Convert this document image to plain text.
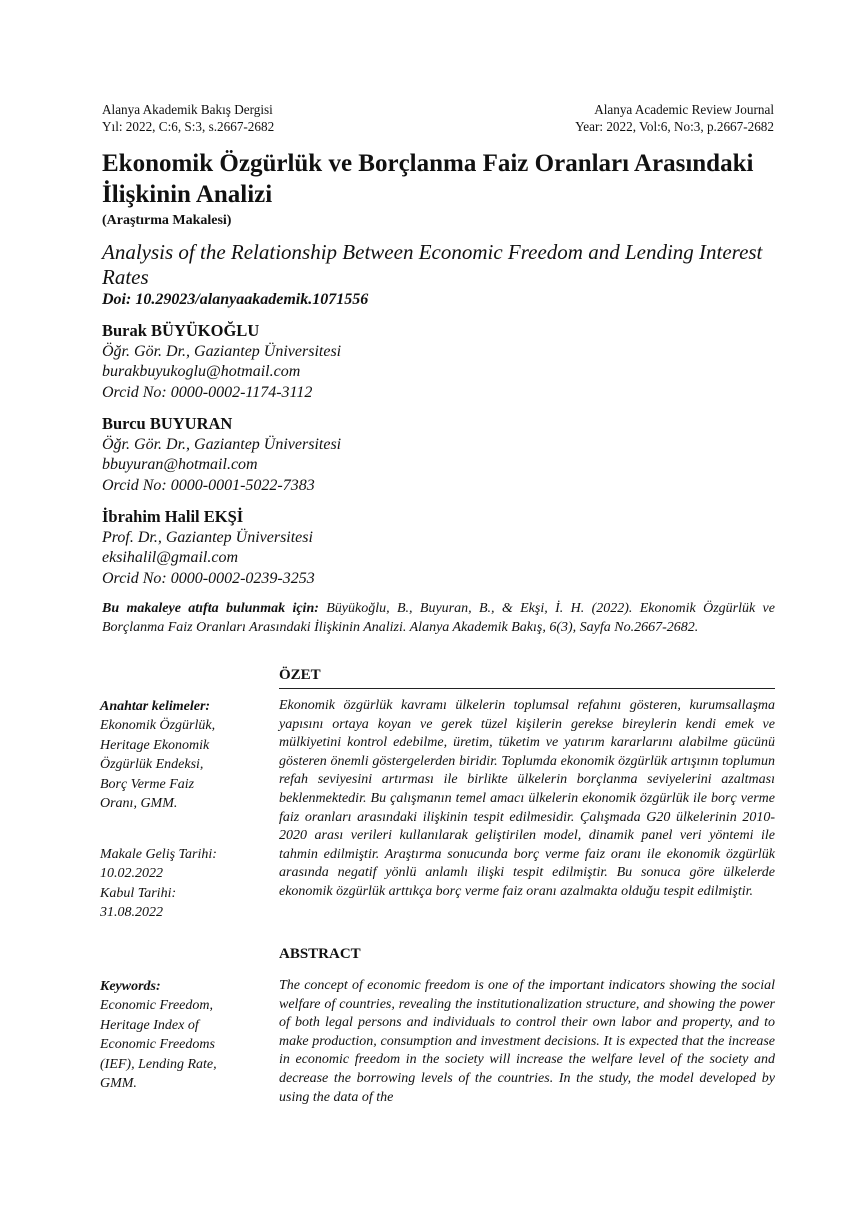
Alanya Akademik Bakış Dergisi
Yıl: 2022, C:6, S:3, s.2667-2682
Alanya Academic Review Journal
Year: 2022, Vol:6, No:3, p.2667-2682
Ekonomik Özgürlük ve Borçlanma Faiz Oranları Arasındaki İlişkinin Analizi
(Araştırma Makalesi)
Analysis of the Relationship Between Economic Freedom and Lending Interest Rates
Doi: 10.29023/alanyaakademik.1071556
Burak BÜYÜKOĞLU
Öğr. Gör. Dr., Gaziantep Üniversitesi
burakbuyukoglu@hotmail.com
Orcid No: 0000-0002-1174-3112
Burcu BUYURAN
Öğr. Gör. Dr., Gaziantep Üniversitesi
bbuyuran@hotmail.com
Orcid No: 0000-0001-5022-7383
İbrahim Halil EKŞİ
Prof. Dr., Gaziantep Üniversitesi
eksihalil@gmail.com
Orcid No: 0000-0002-0239-3253
Bu makaleye atıfta bulunmak için: Büyükoğlu, B., Buyuran, B., & Ekşi, İ. H. (2022). Ekonomik Özgürlük ve Borçlanma Faiz Oranları Arasındaki İlişkinin Analizi. Alanya Akademik Bakış, 6(3), Sayfa No.2667-2682.
ÖZET
Anahtar kelimeler:
Ekonomik Özgürlük,
Heritage Ekonomik
Özgürlük Endeksi,
Borç Verme Faiz
Oranı, GMM.
Makale Geliş Tarihi:
10.02.2022
Kabul Tarihi:
31.08.2022

Ekonomik özgürlük kavramı ülkelerin toplumsal refahını gösteren, kurumsallaşma yapısını ortaya koyan ve gerek tüzel kişilerin gerekse bireylerin kendi emek ve mülkiyetini kontrol edebilme, üretim, tüketim ve yatırım kararlarını alabilme gücünü gösteren önemli göstergelerden biridir. Toplumda ekonomik özgürlük artışının toplumun refah seviyesini artırması ile birlikte ülkelerin borçlanma seviyelerini azaltması beklenmektedir. Bu çalışmanın temel amacı ülkelerin ekonomik özgürlük ile borç verme faiz oranları arasındaki ilişkinin tespit edilmesidir. Çalışmada G20 ülkelerinin 2010-2020 arası verileri kullanılarak geliştirilen model, dinamik panel veri yöntemi ile tahmin edilmiştir. Araştırma sonucunda borç verme faiz oranı ile ekonomik özgürlük arasında negatif yönlü anlamlı ilişki tespit edilmiştir. Bu sonuca göre ülkelerde ekonomik özgürlük arttıkça borç verme faiz oranı azalmakta olduğu tespit edilmiştir.

ABSTRACT
Keywords:
Economic Freedom,
Heritage Index of
Economic Freedoms
(IEF), Lending Rate,
GMM.

The concept of economic freedom is one of the important indicators showing the social welfare of countries, revealing the institutionalization structure, and showing the power of both legal persons and individuals to control their own labor and property, and to make production, consumption and investment decisions. It is expected that the increase in economic freedom in the society will increase the welfare level of the society and decrease the borrowing levels of the countries. In the study, the model developed by using the data of the
